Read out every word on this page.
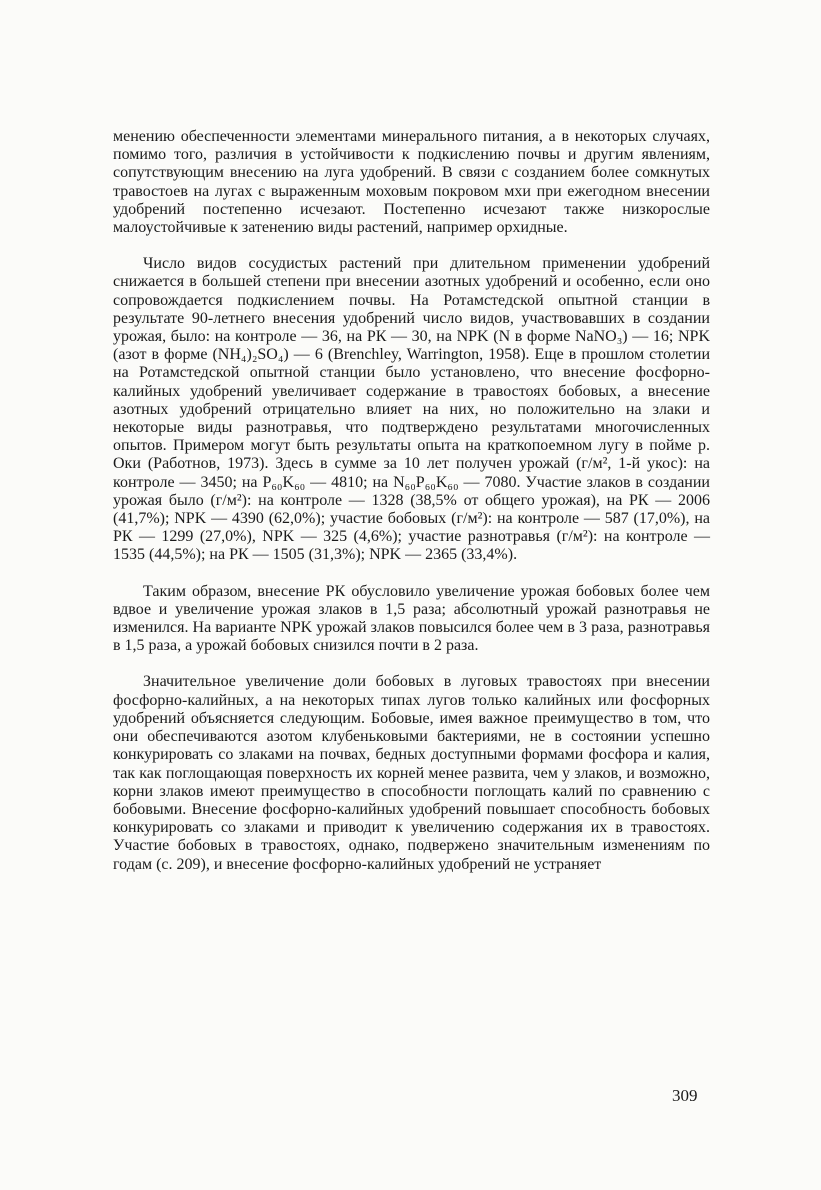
менению обеспеченности элементами минерального питания, а в некоторых случаях, помимо того, различия в устойчивости к подкислению почвы и другим явлениям, сопутствующим внесению на луга удобрений. В связи с созданием более сомкнутых травостоев на лугах с выраженным моховым покровом мхи при ежегодном внесении удобрений постепенно исчезают. Постепенно исчезают также низкорослые малоустойчивые к затенению виды растений, например орхидные.

Число видов сосудистых растений при длительном применении удобрений снижается в большей степени при внесении азотных удобрений и особенно, если оно сопровождается подкислением почвы. На Ротамстедской опытной станции в результате 90-летнего внесения удобрений число видов, участвовавших в создании урожая, было: на контроле — 36, на РК — 30, на NPK (N в форме NaNO₃) — 16; NPK (азот в форме (NH₄)₂SO₄) — 6 (Brenchley, Warrington, 1958). Еще в прошлом столетии на Ротамстедской опытной станции было установлено, что внесение фосфорно-калийных удобрений увеличивает содержание в травостоях бобовых, а внесение азотных удобрений отрицательно влияет на них, но положительно на злаки и некоторые виды разнотравья, что подтверждено результатами многочисленных опытов. Примером могут быть результаты опыта на краткопоемном лугу в пойме р. Оки (Работнов, 1973). Здесь в сумме за 10 лет получен урожай (г/м², 1-й укос): на контроле — 3450; на P₆₀K₆₀ — 4810; на N₆₀P₆₀K₆₀ — 7080. Участие злаков в создании урожая было (г/м²): на контроле — 1328 (38,5% от общего урожая), на РК — 2006 (41,7%); NPK — 4390 (62,0%); участие бобовых (г/м²): на контроле — 587 (17,0%), на РК — 1299 (27,0%), NPK — 325 (4,6%); участие разнотравья (г/м²): на контроле — 1535 (44,5%); на РК — 1505 (31,3%); NPK — 2365 (33,4%).

Таким образом, внесение РК обусловило увеличение урожая бобовых более чем вдвое и увеличение урожая злаков в 1,5 раза; абсолютный урожай разнотравья не изменился. На варианте NPK урожай злаков повысился более чем в 3 раза, разнотравья в 1,5 раза, а урожай бобовых снизился почти в 2 раза.

Значительное увеличение доли бобовых в луговых травостоях при внесении фосфорно-калийных, а на некоторых типах лугов только калийных или фосфорных удобрений объясняется следующим. Бобовые, имея важное преимущество в том, что они обеспечиваются азотом клубеньковыми бактериями, не в состоянии успешно конкурировать со злаками на почвах, бедных доступными формами фосфора и калия, так как поглощающая поверхность их корней менее развита, чем у злаков, и возможно, корни злаков имеют преимущество в способности поглощать калий по сравнению с бобовыми. Внесение фосфорно-калийных удобрений повышает способность бобовых конкурировать со злаками и приводит к увеличению содержания их в травостоях. Участие бобовых в травостоях, однако, подвержено значительным изменениям по годам (с. 209), и внесение фосфорно-калийных удобрений не устраняет

309
